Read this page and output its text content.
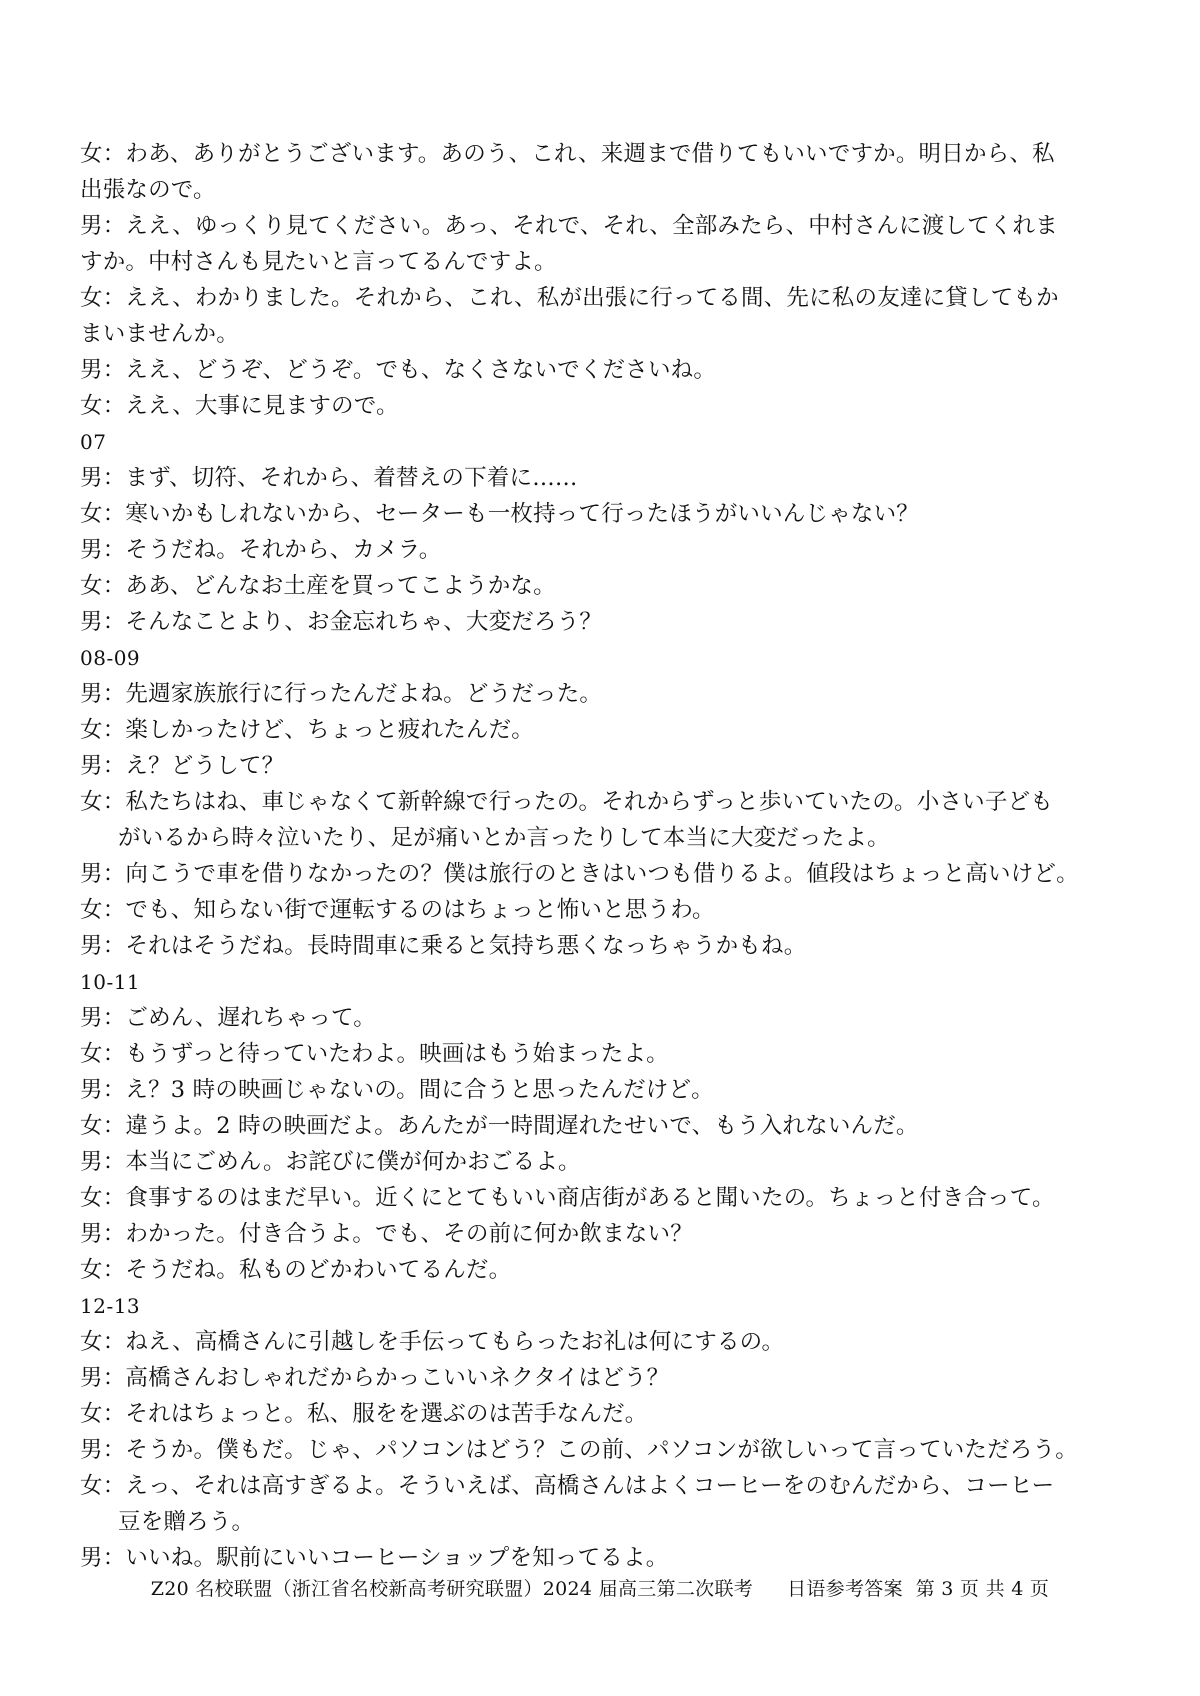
女：わあ、ありがとうございます。あのう、これ、来週まで借りてもいいですか。明日から、私
出張なので。
男：ええ、ゆっくり見てください。あっ、それで、それ、全部みたら、中村さんに渡してくれま
すか。中村さんも見たいと言ってるんですよ。
女：ええ、わかりました。それから、これ、私が出張に行ってる間、先に私の友達に貸してもか
まいませんか。
男：ええ、どうぞ、どうぞ。でも、なくさないでくださいね。
女：ええ、大事に見ますので。
07
男：まず、切符、それから、着替えの下着に……
女：寒いかもしれないから、セーターも一枚持って行ったほうがいいんじゃない？
男：そうだね。それから、カメラ。
女：ああ、どんなお土産を買ってこようかな。
男：そんなことより、お金忘れちゃ、大変だろう？
08-09
男：先週家族旅行に行ったんだよね。どうだった。
女：楽しかったけど、ちょっと疲れたんだ。
男：え？どうして？
女：私たちはね、車じゃなくて新幹線で行ったの。それからずっと歩いていたの。小さい子ども
がいるから時々泣いたり、足が痛いとか言ったりして本当に大変だったよ。
男：向こうで車を借りなかったの？僕は旅行のときはいつも借りるよ。値段はちょっと高いけど。
女：でも、知らない街で運転するのはちょっと怖いと思うわ。
男：それはそうだね。長時間車に乗ると気持ち悪くなっちゃうかもね。
10-11
男：ごめん、遅れちゃって。
女：もうずっと待っていたわよ。映画はもう始まったよ。
男：え？3 時の映画じゃないの。間に合うと思ったんだけど。
女：違うよ。2 時の映画だよ。あんたが一時間遅れたせいで、もう入れないんだ。
男：本当にごめん。お詫びに僕が何かおごるよ。
女：食事するのはまだ早い。近くにとてもいい商店街があると聞いたの。ちょっと付き合って。
男：わかった。付き合うよ。でも、その前に何か飲まない？
女：そうだね。私ものどかわいてるんだ。
12-13
女：ねえ、高橋さんに引越しを手伝ってもらったお礼は何にするの。
男：高橋さんおしゃれだからかっこいいネクタイはどう？
女：それはちょっと。私、服をを選ぶのは苦手なんだ。
男：そうか。僕もだ。じゃ、パソコンはどう？この前、パソコンが欲しいって言っていただろう。
女：えっ、それは高すぎるよ。そういえば、高橋さんはよくコーヒーをのむんだから、コーヒー
豆を贈ろう。
男：いいね。駅前にいいコーヒーショップを知ってるよ。
Z20 名校联盟（浙江省名校新高考研究联盟）2024 届高三第二次联考 日语参考答案 第 3 页 共 4 页
